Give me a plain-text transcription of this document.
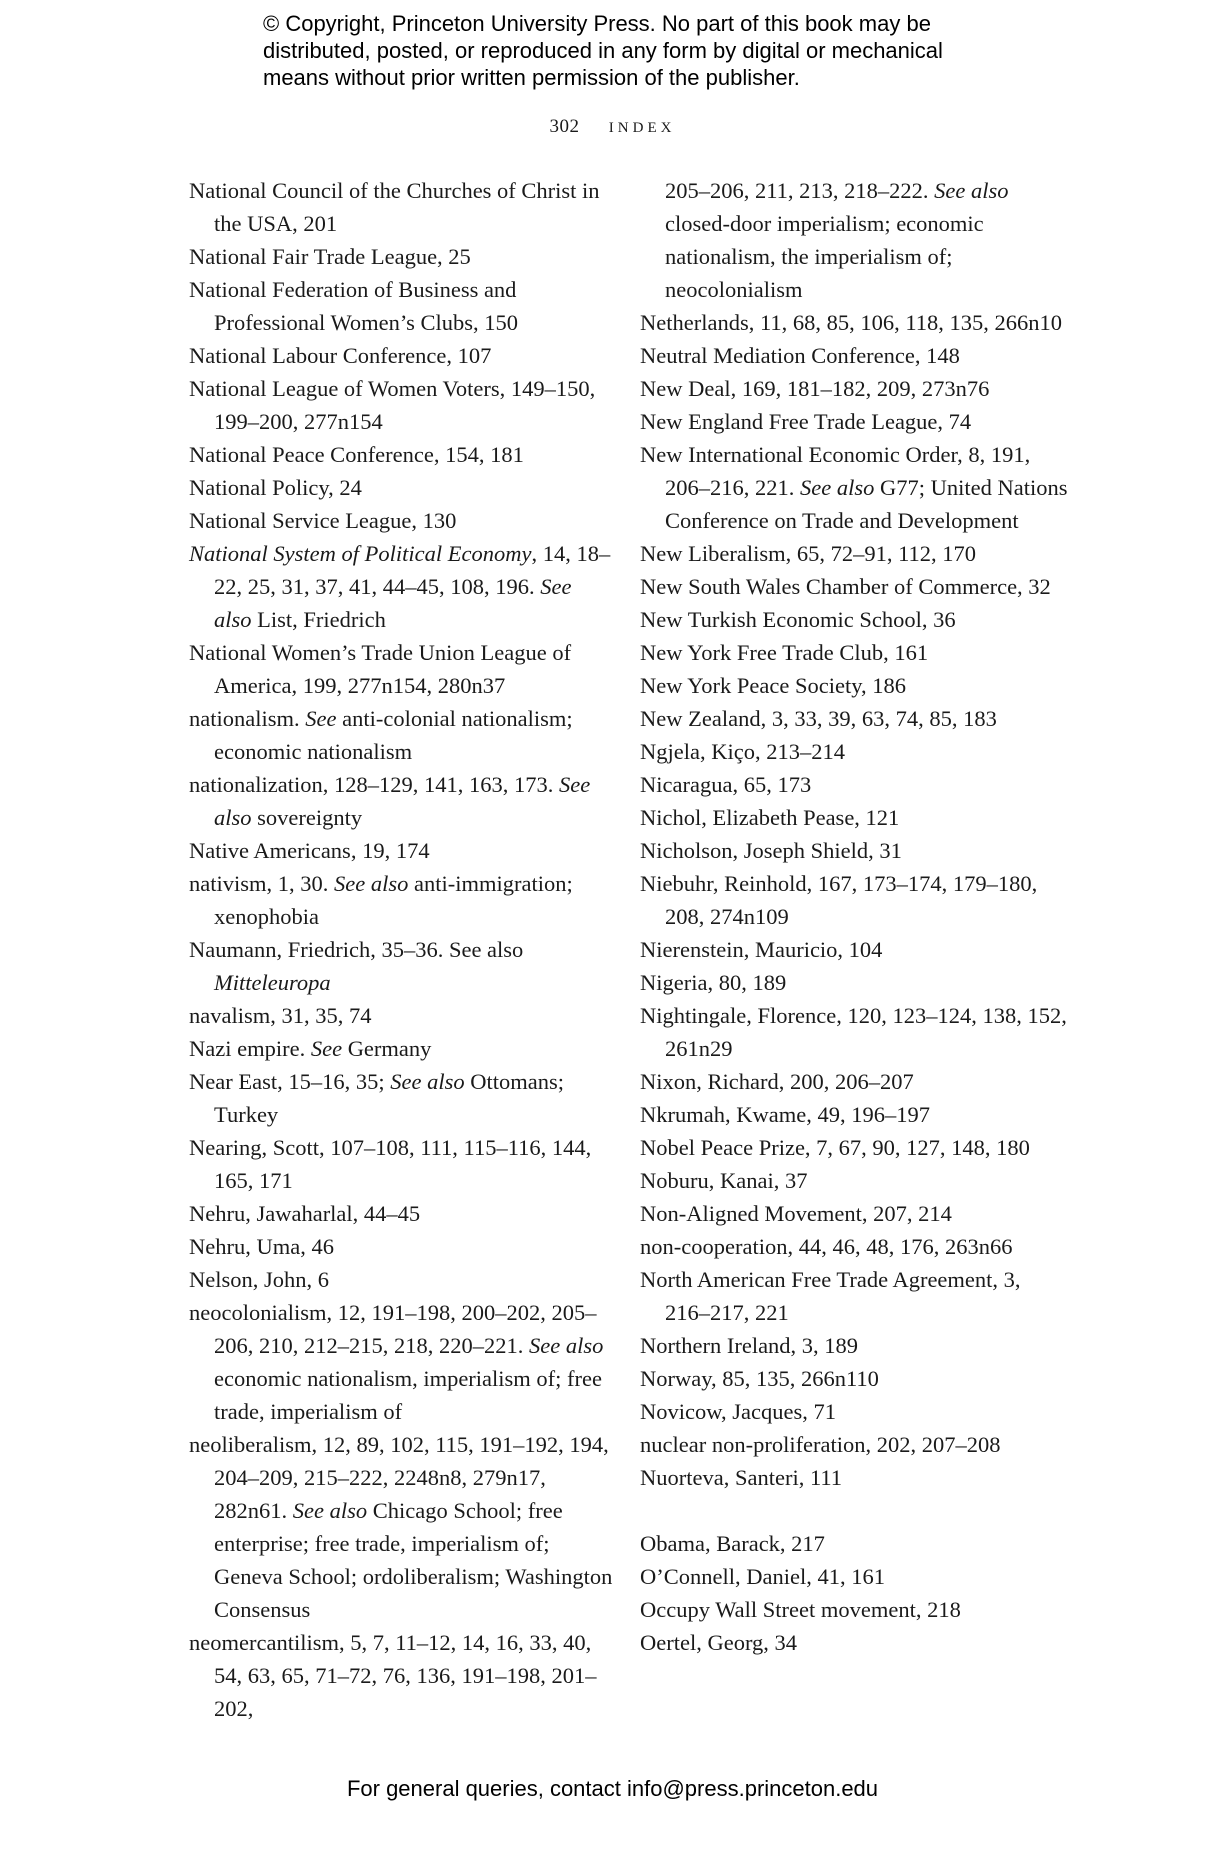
© Copyright, Princeton University Press. No part of this book may be distributed, posted, or reproduced in any form by digital or mechanical means without prior written permission of the publisher.
302 index
National Council of the Churches of Christ in the USA, 201
National Fair Trade League, 25
National Federation of Business and Professional Women’s Clubs, 150
National Labour Conference, 107
National League of Women Voters, 149–150, 199–200, 277n154
National Peace Conference, 154, 181
National Policy, 24
National Service League, 130
National System of Political Economy, 14, 18–22, 25, 31, 37, 41, 44–45, 108, 196. See also List, Friedrich
National Women’s Trade Union League of America, 199, 277n154, 280n37
nationalism. See anti-colonial nationalism; economic nationalism
nationalization, 128–129, 141, 163, 173. See also sovereignty
Native Americans, 19, 174
nativism, 1, 30. See also anti-immigration; xenophobia
Naumann, Friedrich, 35–36. See also Mitteleuropa
navalism, 31, 35, 74
Nazi empire. See Germany
Near East, 15–16, 35; See also Ottomans; Turkey
Nearing, Scott, 107–108, 111, 115–116, 144, 165, 171
Nehru, Jawaharlal, 44–45
Nehru, Uma, 46
Nelson, John, 6
neocolonialism, 12, 191–198, 200–202, 205–206, 210, 212–215, 218, 220–221. See also economic nationalism, imperialism of; free trade, imperialism of
neoliberalism, 12, 89, 102, 115, 191–192, 194, 204–209, 215–222, 2248n8, 279n17, 282n61. See also Chicago School; free enterprise; free trade, imperialism of; Geneva School; ordoliberalism; Washington Consensus
neomercantilism, 5, 7, 11–12, 14, 16, 33, 40, 54, 63, 65, 71–72, 76, 136, 191–198, 201–202,
205–206, 211, 213, 218–222. See also closed-door imperialism; economic nationalism, the imperialism of; neocolonialism
Netherlands, 11, 68, 85, 106, 118, 135, 266n10
Neutral Mediation Conference, 148
New Deal, 169, 181–182, 209, 273n76
New England Free Trade League, 74
New International Economic Order, 8, 191, 206–216, 221. See also G77; United Nations Conference on Trade and Development
New Liberalism, 65, 72–91, 112, 170
New South Wales Chamber of Commerce, 32
New Turkish Economic School, 36
New York Free Trade Club, 161
New York Peace Society, 186
New Zealand, 3, 33, 39, 63, 74, 85, 183
Ngjela, Kiço, 213–214
Nicaragua, 65, 173
Nichol, Elizabeth Pease, 121
Nicholson, Joseph Shield, 31
Niebuhr, Reinhold, 167, 173–174, 179–180, 208, 274n109
Nierenstein, Mauricio, 104
Nigeria, 80, 189
Nightingale, Florence, 120, 123–124, 138, 152, 261n29
Nixon, Richard, 200, 206–207
Nkrumah, Kwame, 49, 196–197
Nobel Peace Prize, 7, 67, 90, 127, 148, 180
Noburu, Kanai, 37
Non-Aligned Movement, 207, 214
non-cooperation, 44, 46, 48, 176, 263n66
North American Free Trade Agreement, 3, 216–217, 221
Northern Ireland, 3, 189
Norway, 85, 135, 266n110
Novicow, Jacques, 71
nuclear non-proliferation, 202, 207–208
Nuorteva, Santeri, 111
Obama, Barack, 217
O’Connell, Daniel, 41, 161
Occupy Wall Street movement, 218
Oertel, Georg, 34
For general queries, contact info@press.princeton.edu
